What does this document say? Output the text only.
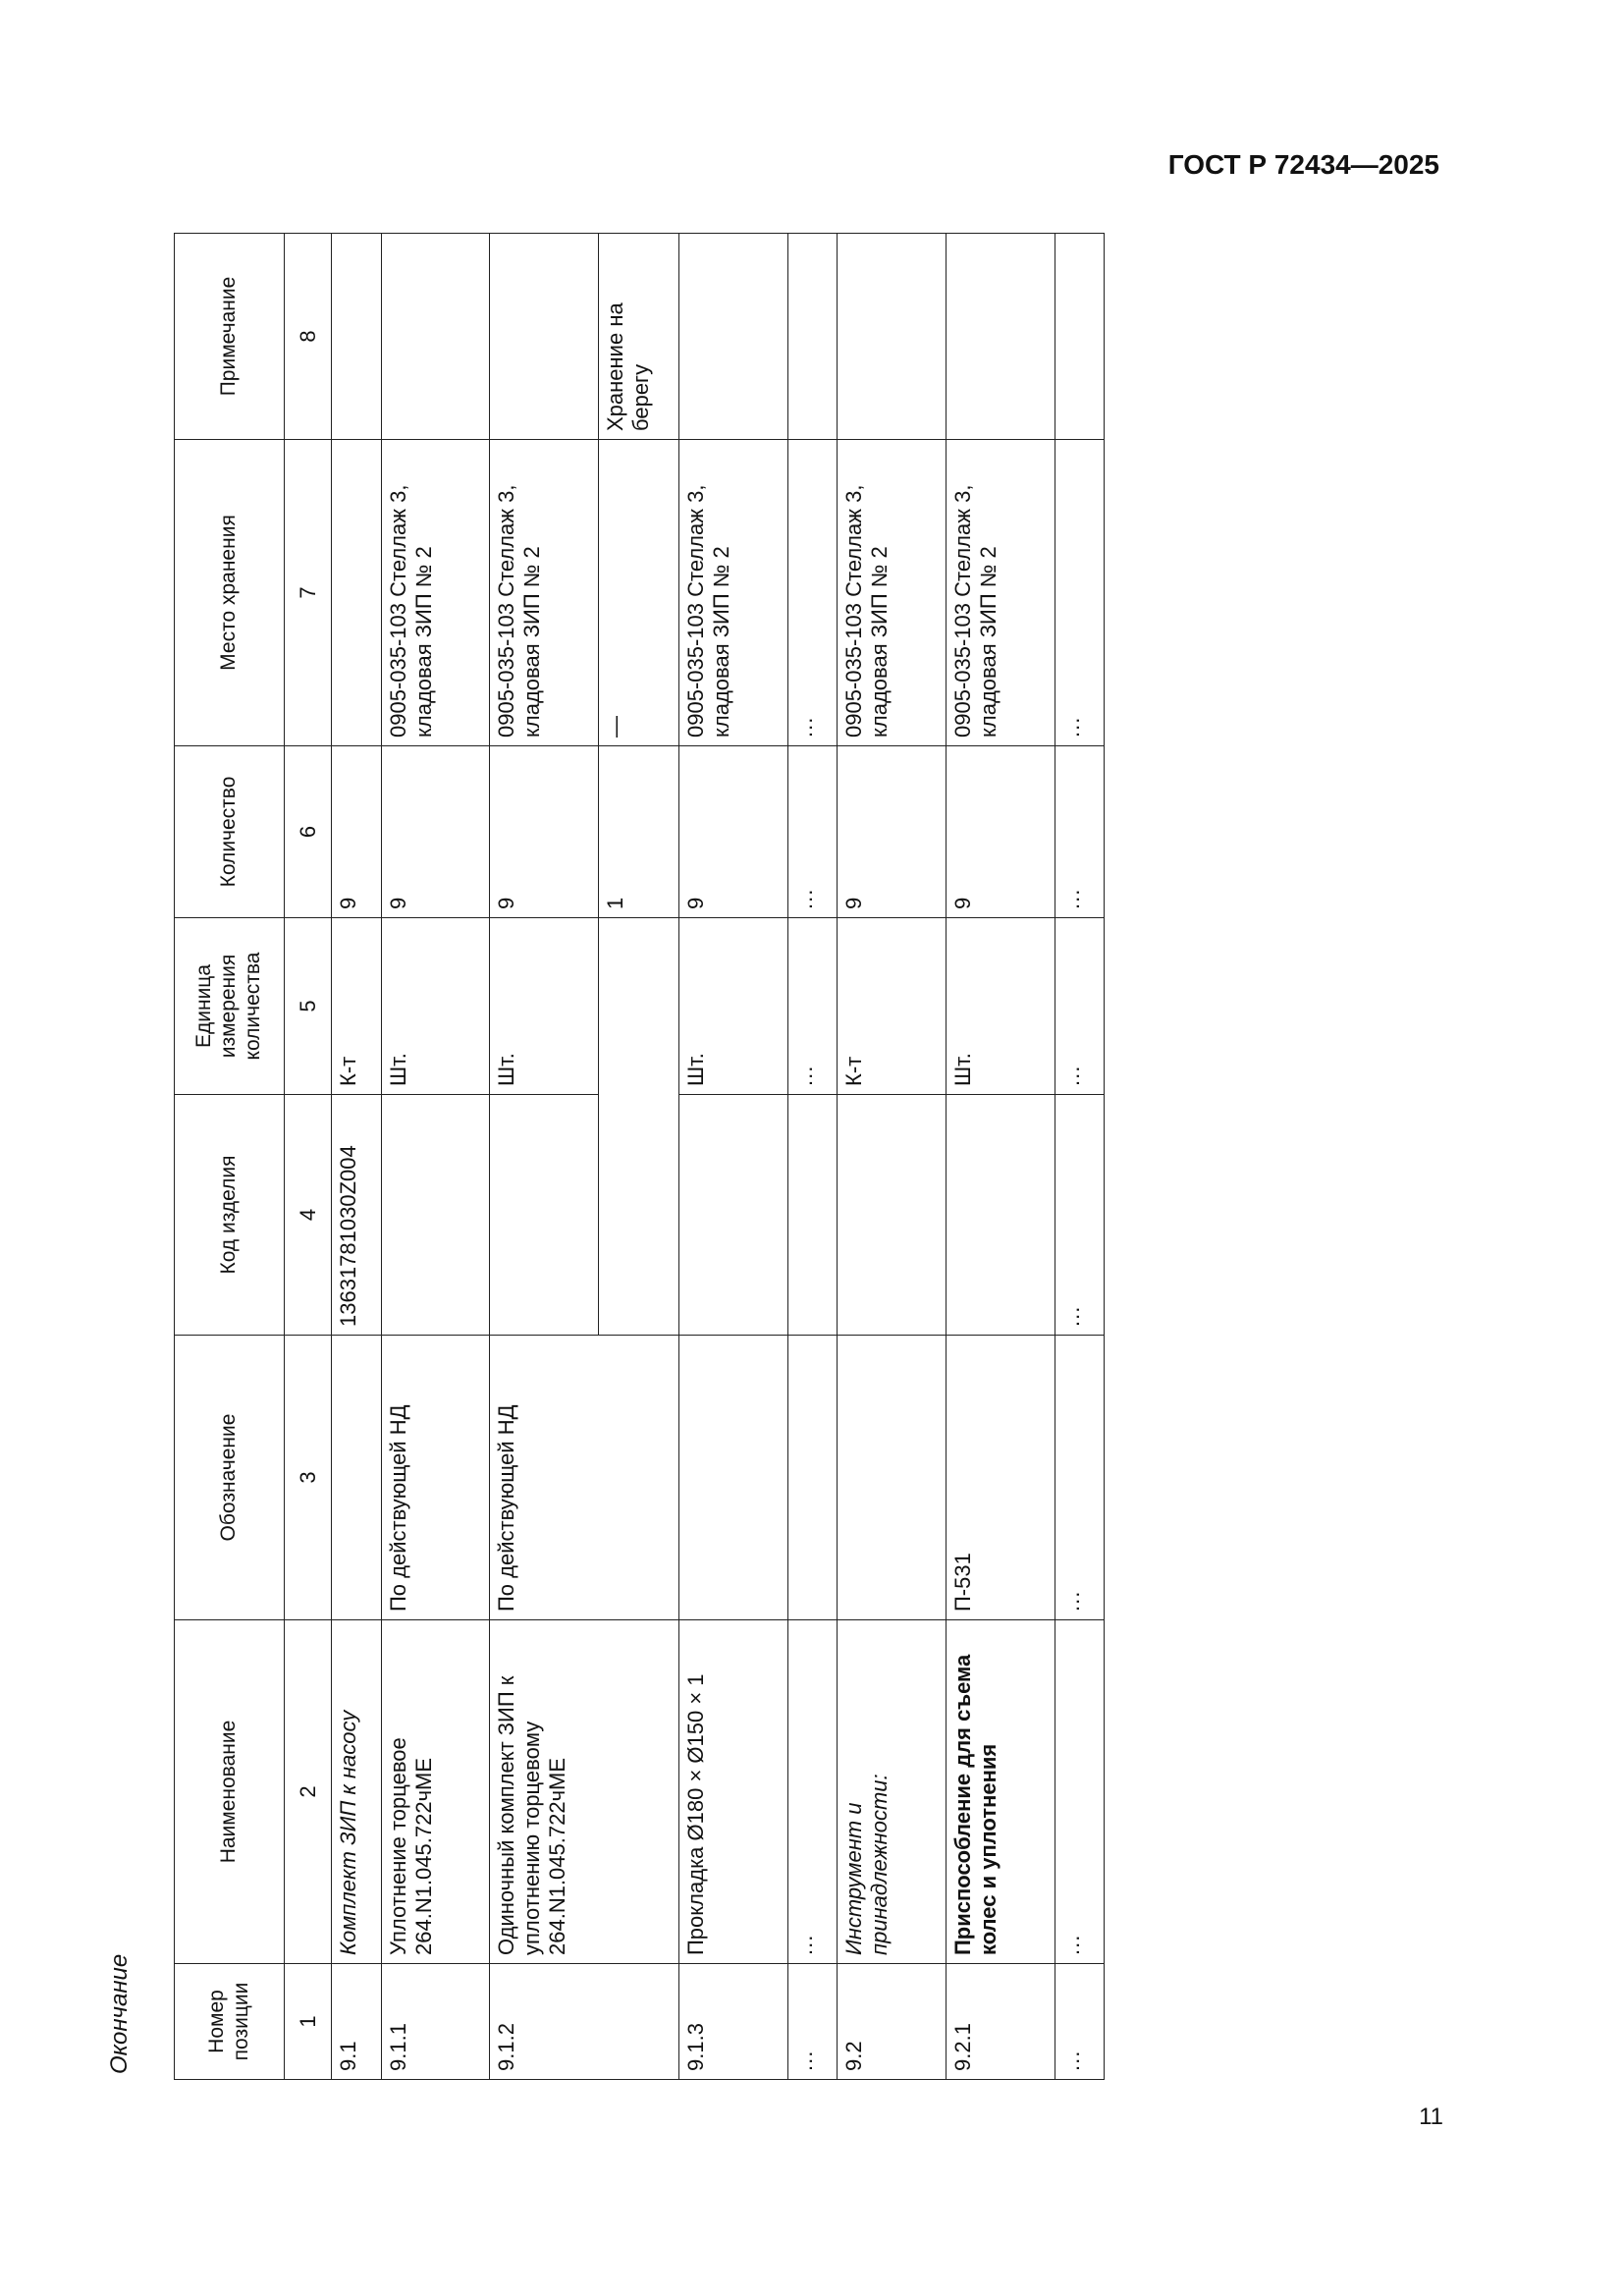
ГОСТ Р 72434—2025
Окончание
11
Номер позиции	Наименование	Обозначение	Код изделия	Единица измерения количества	Количество	Место хранения	Примечание
1	2	3	4	5	6	7	8
9.1	Комплект ЗИП к насосу		13631781030Z004	К-т	9		
9.1.1	Уплотнение торцевое 264.N1.045.722чМЕ	По действующей НД		Шт.	9	0905-035-103 Стеллаж 3, кладовая ЗИП № 2	
9.1.2	Одиночный комплект ЗИП к уплотнению торцевому 264.N1.045.722чМЕ	По действующей НД		Шт.	9	0905-035-103 Стеллаж 3, кладовая ЗИП № 2	
					1	—	Хранение на берегу
9.1.3	Прокладка Ø180 × Ø150 × 1			Шт.	9	0905-035-103 Стеллаж 3, кладовая ЗИП № 2	
...	...			...	...	...	
9.2	Инструмент и принадлежности:			К-т	9	0905-035-103 Стеллаж 3, кладовая ЗИП № 2	
9.2.1	Приспособление для съема колес и уплотнения	П-531		Шт.	9	0905-035-103 Стеллаж 3, кладовая ЗИП № 2	
...	...	...	...	...	...	...	
